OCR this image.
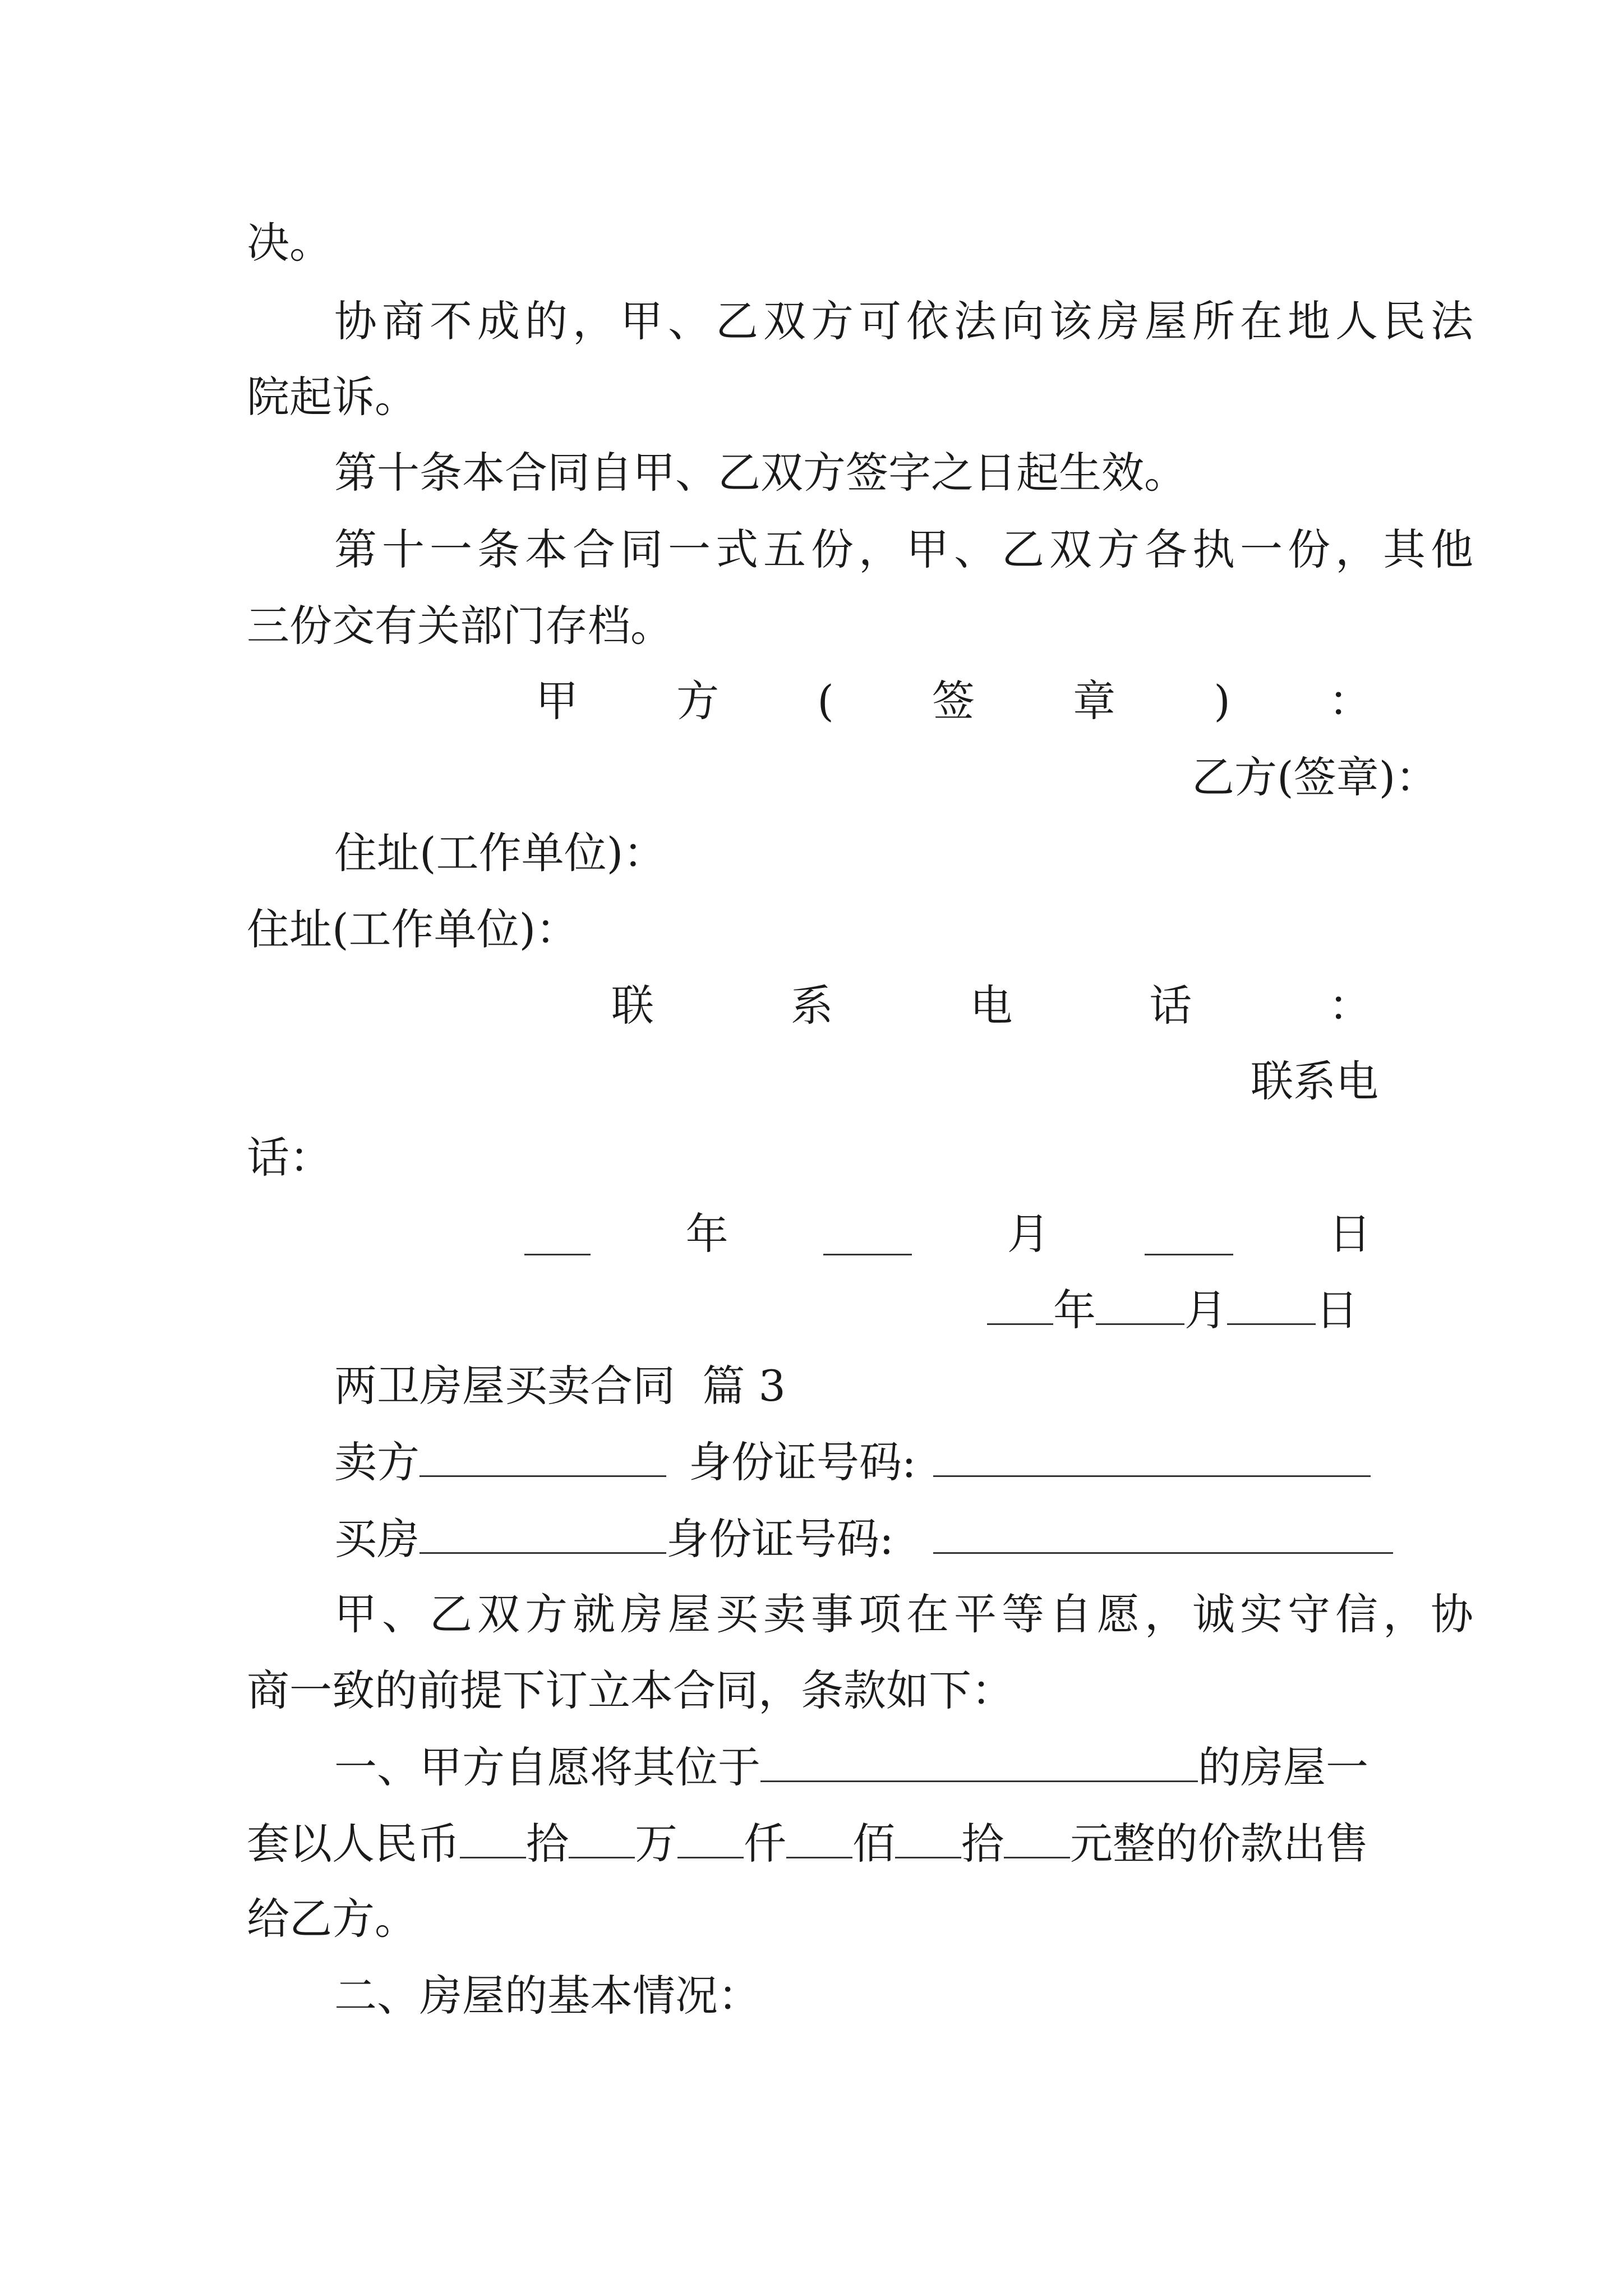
决。
协商不成的，甲、乙双方可依法向该房屋所在地人民法
院起诉。
第十条本合同自甲、乙双方签字之日起生效。
第十一条本合同一式五份，甲、乙双方各执一份，其他
三份交有关部门存档。
甲 方 ( 签 章 ) ：
乙方(签章)：
住址(工作单位)：
住址(工作单位)：
联	系	电	话	：
联系电
话：
年	月	日
年 月 日
两卫房屋买卖合同  篇 3
卖方	身份证号码:
买房	身份证号码:
甲、乙双方就房屋买卖事项在平等自愿，诚实守信，协
商一致的前提下订立本合同，条款如下：
一、甲方自愿将其位于	的房屋一
套以人民币 拾 万 仟 佰 拾 元整的价款出售
给乙方。
二、房屋的基本情况：
